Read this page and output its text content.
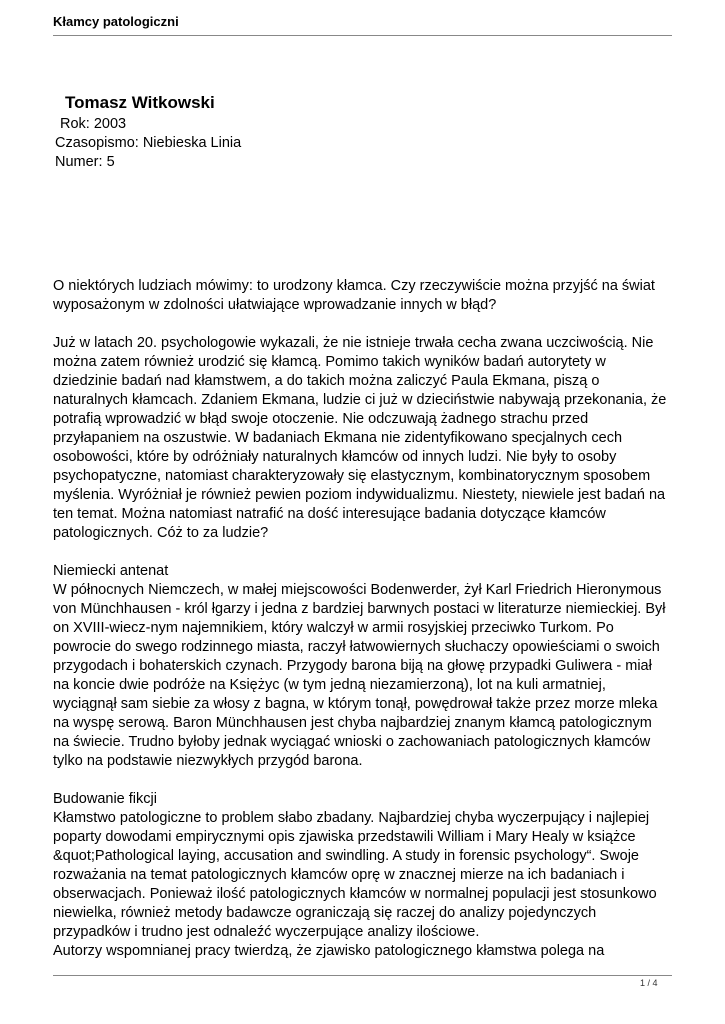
Kłamcy patologiczni
Tomasz Witkowski
Rok: 2003
Czasopismo: Niebieska Linia
Numer: 5
O niektórych ludziach mówimy: to urodzony kłamca. Czy rzeczywiście można przyjść na świat
wyposażonym w zdolności ułatwiające wprowadzanie innych w błąd?
Już w latach 20. psychologowie wykazali, że nie istnieje trwała cecha zwana uczciwością. Nie
można zatem również urodzić się kłamcą. Pomimo takich wyników badań autorytety w
dziedzinie badań nad kłamstwem, a do takich można zaliczyć Paula Ekmana, piszą o
naturalnych kłamcach. Zdaniem Ekmana, ludzie ci już w dzieciństwie nabywają przekonania, że
potrafią wprowadzić w błąd swoje otoczenie. Nie odczuwają żadnego strachu przed
przyłapaniem na oszustwie. W badaniach Ekmana nie zidentyfikowano specjalnych cech
osobowości, które by odróżniały naturalnych kłamców od innych ludzi. Nie były to osoby
psychopatyczne, natomiast charakteryzowały się elastycznym, kombinatorycznym sposobem
myślenia. Wyróżniał je również pewien poziom indywidualizmu. Niestety, niewiele jest badań na
ten temat. Można natomiast natrafić na dość interesujące badania dotyczące kłamców
patologicznych. Cóż to za ludzie?
Niemiecki antenat
W północnych Niemczech, w małej miejscowości Bodenwerder, żył Karl Friedrich Hieronymous
von Münchhausen - król łgarzy i jedna z bardziej barwnych postaci w literaturze niemieckiej. Był
on XVIII-wiecz-nym najemnikiem, który walczył w armii rosyjskiej przeciwko Turkom. Po
powrocie do swego rodzinnego miasta, raczył łatwowiernych słuchaczy opowieściami o swoich
przygodach i bohaterskich czynach. Przygody barona biją na głowę przypadki Guliwera - miał
na koncie dwie podróże na Księżyc (w tym jedną niezamierzoną), lot na kuli armatniej,
wyciągnął sam siebie za włosy z bagna, w którym tonął, powędrował także przez morze mleka
na wyspę serową. Baron Münchhausen jest chyba najbardziej znanym kłamcą patologicznym
na świecie. Trudno byłoby jednak wyciągać wnioski o zachowaniach patologicznych kłamców
tylko na podstawie niezwykłych przygód barona.
Budowanie fikcji
Kłamstwo patologiczne to problem słabo zbadany. Najbardziej chyba wyczerpujący i najlepiej
poparty dowodami empirycznymi opis zjawiska przedstawili William i Mary Healy w książce
&quot;Pathological laying, accusation and swindling. A study in forensic psychology“. Swoje
rozważania na temat patologicznych kłamców oprę w znacznej mierze na ich badaniach i
obserwacjach. Ponieważ ilość patologicznych kłamców w normalnej populacji jest stosunkowo
niewielka, również metody badawcze ograniczają się raczej do analizy pojedynczych
przypadków i trudno jest odnaleźć wyczerpujące analizy ilościowe.
Autorzy wspomnianej pracy twierdzą, że zjawisko patologicznego kłamstwa polega na
1 / 4
